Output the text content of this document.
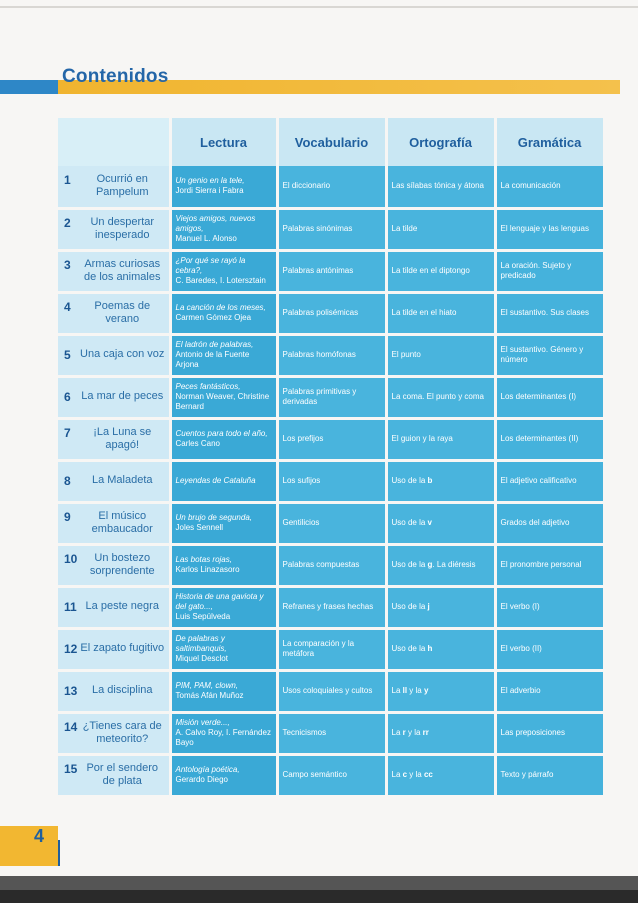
Contenidos
	Lectura	Vocabulario	Ortografía	Gramática

1 Ocurrió en Pampelum	Un genio en la tele,
Jordi Sierra i Fabra	El diccionario	Las sílabas tónica y átona	La comunicación

2 Un despertar inesperado	Viejos amigos, nuevos amigos,
Manuel L. Alonso	Palabras sinónimas	La tilde	El lenguaje y las lenguas

3 Armas curiosas de los animales	¿Por qué se rayó la cebra?,
C. Baredes, I. Lotersztain	Palabras antónimas	La tilde en el diptongo	La oración. Sujeto y predicado

4 Poemas de verano	La canción de los meses,
Carmen Gómez Ojea	Palabras polisémicas	La tilde en el hiato	El sustantivo. Sus clases

5 Una caja con voz	El ladrón de palabras,
Antonio de la Fuente Arjona	Palabras homófonas	El punto	El sustantivo. Género y número

6 La mar de peces	Peces fantásticos,
Norman Weaver, Christine Bernard	Palabras primitivas y derivadas	La coma. El punto y coma	Los determinantes (I)

7 ¡La Luna se apagó!	Cuentos para todo el año,
Carles Cano	Los prefijos	El guion y la raya	Los determinantes (II)

8 La Maladeta	Leyendas de Cataluña	Los sufijos	Uso de la b	El adjetivo calificativo

9 El músico embaucador	Un brujo de segunda,
Joles Sennell	Gentilicios	Uso de la v	Grados del adjetivo

10 Un bostezo sorprendente	Las botas rojas,
Karlos Linazasoro	Palabras compuestas	Uso de la g. La diéresis	El pronombre personal

11 La peste negra	Historia de una gaviota y del gato...,
Luis Sepúlveda	Refranes y frases hechas	Uso de la j	El verbo (I)

12 El zapato fugitivo	De palabras y saltimbanquis,
Miquel Desclot	La comparación y la metáfora	Uso de la h	El verbo (II)

13 La disciplina	PIM, PAM, clown,
Tomás Afán Muñoz	Usos coloquiales y cultos	La ll y la y	El adverbio

14 ¿Tienes cara de meteorito?	Misión verde...,
A. Calvo Roy, I. Fernández Bayo	Tecnicismos	La r y la rr	Las preposiciones

15 Por el sendero de plata	Antología poética,
Gerardo Diego	Campo semántico	La c y la cc	Texto y párrafo
4
